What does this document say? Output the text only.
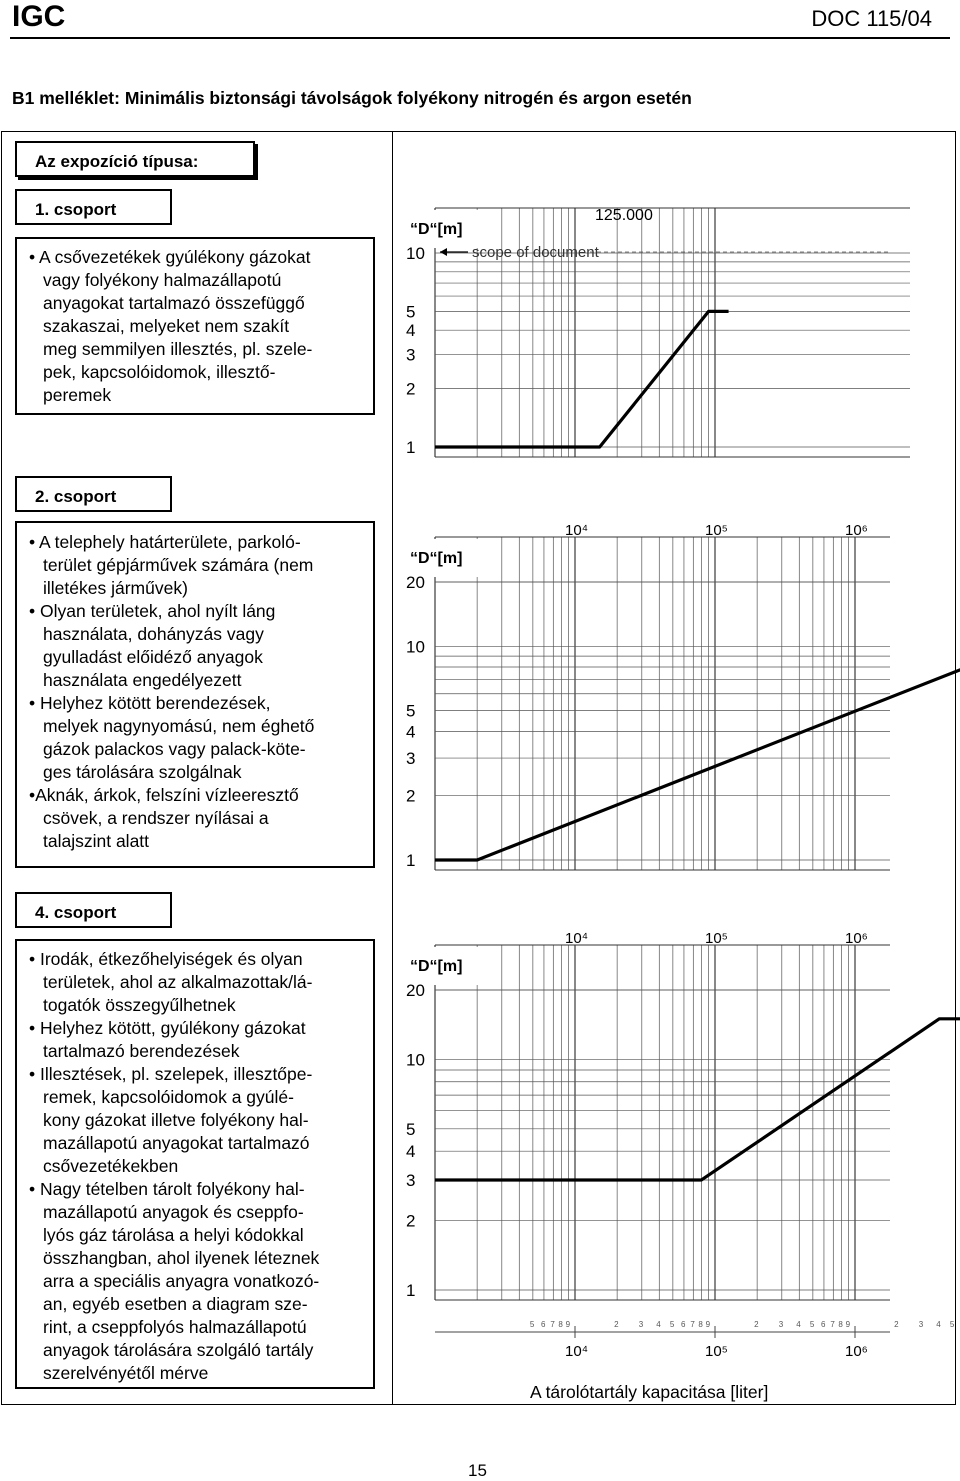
IGC	DOC 115/04
B1 melléklet: Minimális biztonsági távolságok folyékony nitrogén és argon esetén
Az expozíció típusa:
1. csoport

• A csővezetékek gyúlékony gázokat

vagy folyékony halmazállapotú

anyagokat tartalmazó összefüggő

szakaszai, melyeket nem szakít

meg semmilyen illesztés, pl. szele-

pek, kapcsolóidomok, illesztő-

peremek

2. csoport

• A telephely határterülete, parkoló-

terület gépjárművek számára (nem

illetékes járművek)

• Olyan területek, ahol nyílt láng

használata, dohányzás vagy

gyulladást előidéző anyagok

használata engedélyezett

• Helyhez kötött berendezések,

melyek nagynyomású, nem éghető

gázok palackos vagy palack-köte-

ges tárolására szolgálnak

•Aknák, árkok, felszíni vízleeresztő

csövek, a rendszer nyílásai a

talajszint alatt

4. csoport

• Irodák, étkezőhelyiségek és olyan

területek, ahol az alkalmazottak/lá-

togatók összegyűlhetnek

• Helyhez kötött, gyúlékony gázokat

tartalmazó berendezések

• Illesztések, pl. szelepek, illesztőpe-

remek, kapcsolóidomok a gyúlé-

kony gázokat illetve folyékony hal-

mazállapotú anyagokat tartalmazó

csővezetékekben

• Nagy tételben tárolt folyékony hal-

mazállapotú anyagok és cseppfo-

lyós gáz tárolása a helyi kódokkal

összhangban, ahol ilyenek léteznek

arra a speciális anyagra vonatkozó-

an, egyéb esetben a diagram sze-

rint, a cseppfolyós halmazállapotú

anyagok tárolására szolgáló tartály

szerelvényétől mérve

“D“[m]
10
5
4
3
2
1
125.000
scope of document
“D“[m]
20
10
5
4
3
2
1
10⁴	10⁵	10⁶
“D“[m]
20
10
5
4
3
2
1
10⁴	10⁵	10⁶
5 6 7 8 9	2	3 4 5 6 7 8 9	2	3 4 5 6 7 8 9	2	3 4 5
10⁴	10⁵	10⁶
A tárolótartály kapacitása [liter]
15
